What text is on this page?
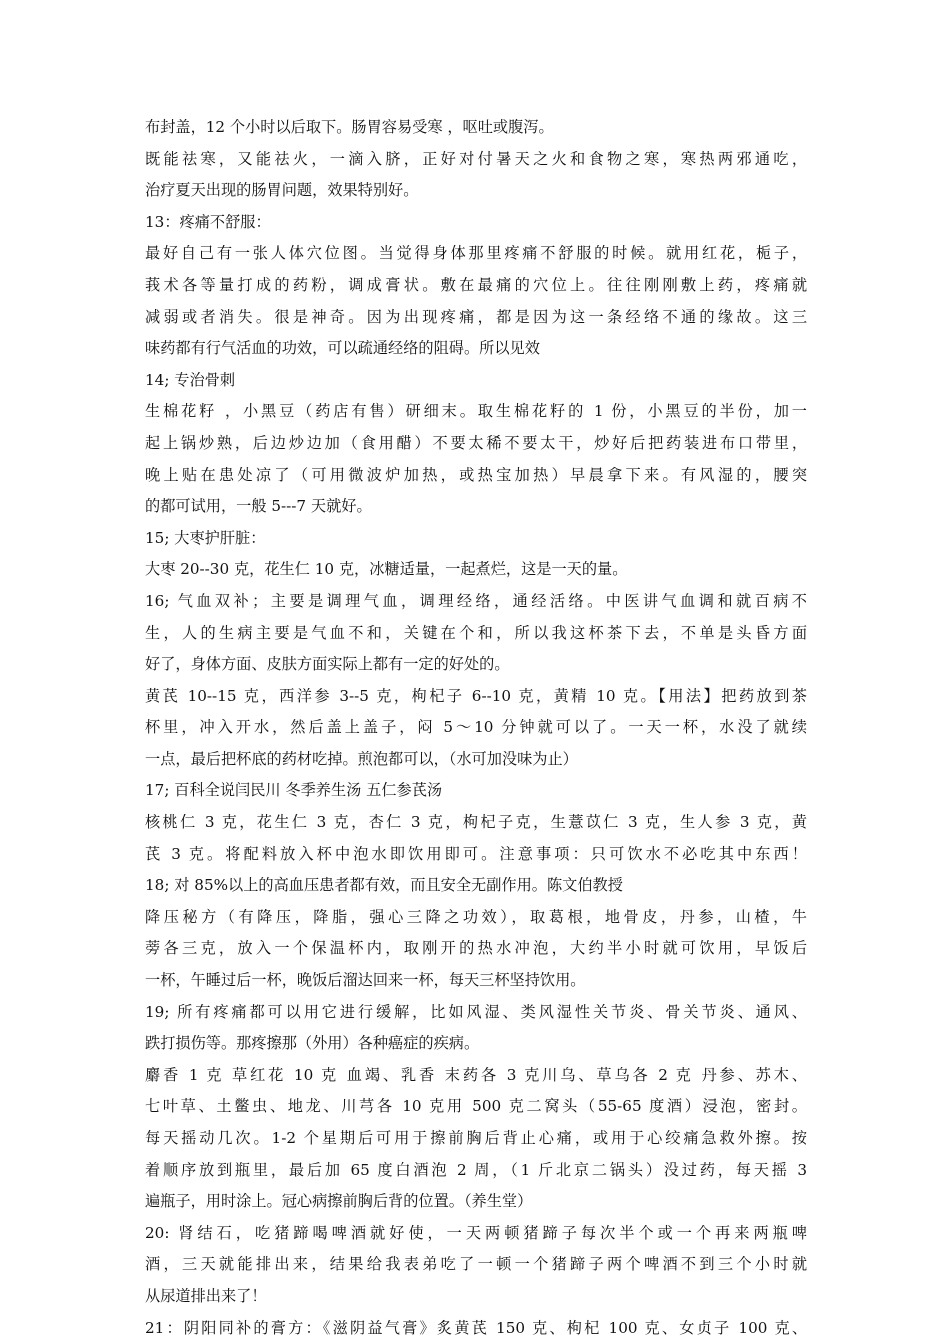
布封盖，12 个小时以后取下。肠胃容易受寒 ，呕吐或腹泻。
既能祛寒，又能祛火，一滴入脐，正好对付暑天之火和食物之寒，寒热两邪通吃，
治疗夏天出现的肠胃问题，效果特别好。
13：疼痛不舒服：
最好自己有一张人体穴位图。当觉得身体那里疼痛不舒服的时候。就用红花，栀子，
莪术各等量打成的药粉，调成膏状。敷在最痛的穴位上。往往刚刚敷上药，疼痛就
减弱或者消失。很是神奇。因为出现疼痛，都是因为这一条经络不通的缘故。这三
味药都有行气活血的功效，可以疏通经络的阻碍。所以见效
14; 专治骨刺
生棉花籽 ，小黑豆（药店有售）研细末。取生棉花籽的 1 份，小黑豆的半份，加一
起上锅炒熟，后边炒边加（食用醋）不要太稀不要太干，炒好后把药装进布口带里，
晚上贴在患处凉了（可用微波炉加热，或热宝加热）早晨拿下来。有风湿的，腰突
的都可试用，一般 5---7 天就好。
15; 大枣护肝脏：
大枣 20--30 克，花生仁 10 克，冰糖适量，一起煮烂，这是一天的量。
16; 气血双补；主要是调理气血，调理经络，通经活络。中医讲气血调和就百病不
生，人的生病主要是气血不和，关键在个和，所以我这杯茶下去，不单是头昏方面
好了，身体方面、皮肤方面实际上都有一定的好处的。
黄芪 10--15 克，西洋参 3--5 克，枸杞子 6--10 克，黄精 10 克。【用法】把药放到茶
杯里，冲入开水，然后盖上盖子，闷 5～10 分钟就可以了。一天一杯，水没了就续
一点，最后把杯底的药材吃掉。煎泡都可以，（水可加没味为止）
17; 百科全说闫民川 冬季养生汤 五仁参芪汤
核桃仁 3 克，花生仁 3 克，杏仁 3 克，枸杞子克，生薏苡仁 3 克，生人参 3 克，黄
芪 3 克。将配料放入杯中泡水即饮用即可。注意事项：只可饮水不必吃其中东西！
18; 对 85%以上的高血压患者都有效，而且安全无副作用。陈文伯教授
降压秘方（有降压，降脂，强心三降之功效），取葛根，地骨皮，丹参，山楂，牛
蒡各三克，放入一个保温杯内，取刚开的热水冲泡，大约半小时就可饮用，早饭后
一杯，午睡过后一杯，晚饭后溜达回来一杯，每天三杯坚持饮用。
19; 所有疼痛都可以用它进行缓解，比如风湿、类风湿性关节炎、骨关节炎、通风、
跌打损伤等。那疼擦那（外用）各种癌症的疾病。
麝香 1 克 草红花 10 克 血竭、乳香 末药各 3 克川乌、草乌各 2 克 丹参、苏木、
七叶草、土鳖虫、地龙、川芎各 10 克用 500 克二窝头（55-65 度酒）浸泡，密封。
每天摇动几次。1-2 个星期后可用于擦前胸后背止心痛，或用于心绞痛急救外擦。按
着顺序放到瓶里，最后加 65 度白酒泡 2 周，（1 斤北京二锅头）没过药，每天摇 3
遍瓶子，用时涂上。冠心病擦前胸后背的位置。（养生堂）
20: 肾结石，吃猪蹄喝啤酒就好使，一天两顿猪蹄子每次半个或一个再来两瓶啤
酒，三天就能排出来，结果给我表弟吃了一顿一个猪蹄子两个啤酒不到三个小时就
从尿道排出来了！
21：阴阳同补的膏方：《滋阴益气膏》炙黄芪 150 克、枸杞 100 克、女贞子 100 克、
